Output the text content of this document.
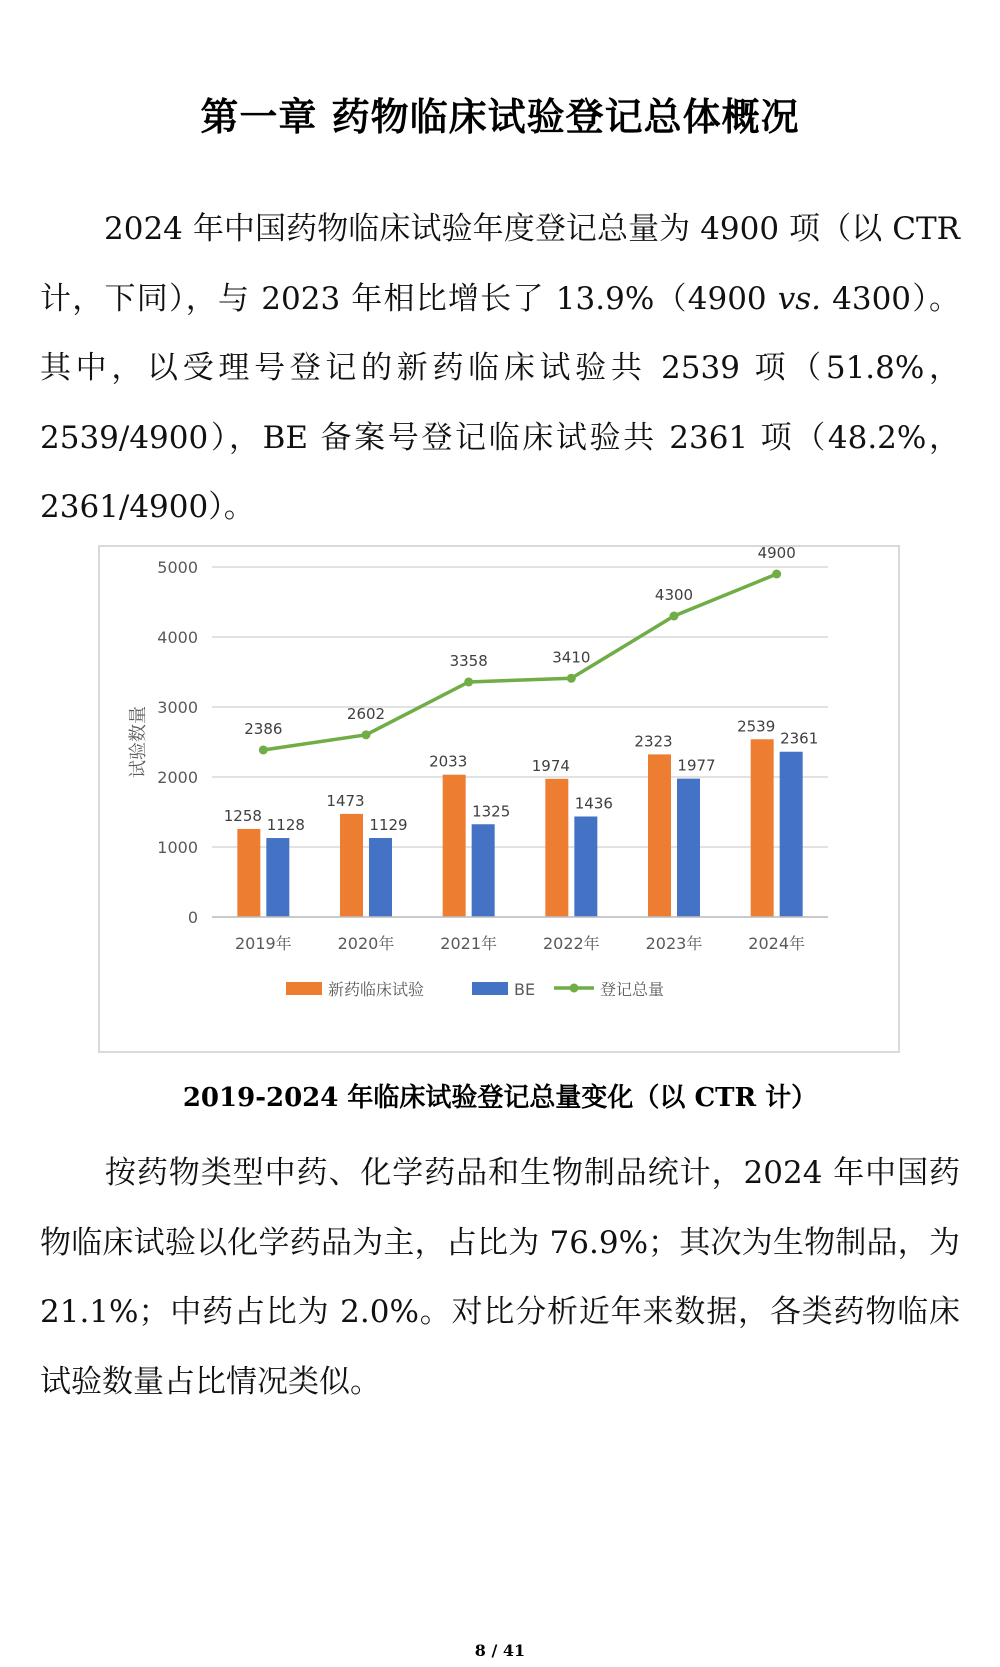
第一章 药物临床试验登记总体概况

2024 年中国药物临床试验年度登记总量为 4900 项（以 CTR 计，下同），与 2023 年相比增长了 13.9%（4900 vs. 4300）。其中，以受理号登记的新药临床试验共 2539 项（51.8%，2539/4900），BE 备案号登记临床试验共 2361 项（48.2%，2361/4900）。

0
1000
2000
3000
4000
5000
试验数量
1258
1473
2033	1974
2323
2539
1128	1129
1325	1436
1977
2361
2386
2602
3358	3410
4300
4900
2019年	2020年	2021年	2022年	2023年	2024年
新药临床试验	BE	登记总量
2019-2024 年临床试验登记总量变化（以 CTR 计）

按药物类型中药、化学药品和生物制品统计，2024 年中国药物临床试验以化学药品为主，占比为 76.9%；其次为生物制品，为 21.1%；中药占比为 2.0%。对比分析近年来数据，各类药物临床试验数量占比情况类似。

8 / 41
